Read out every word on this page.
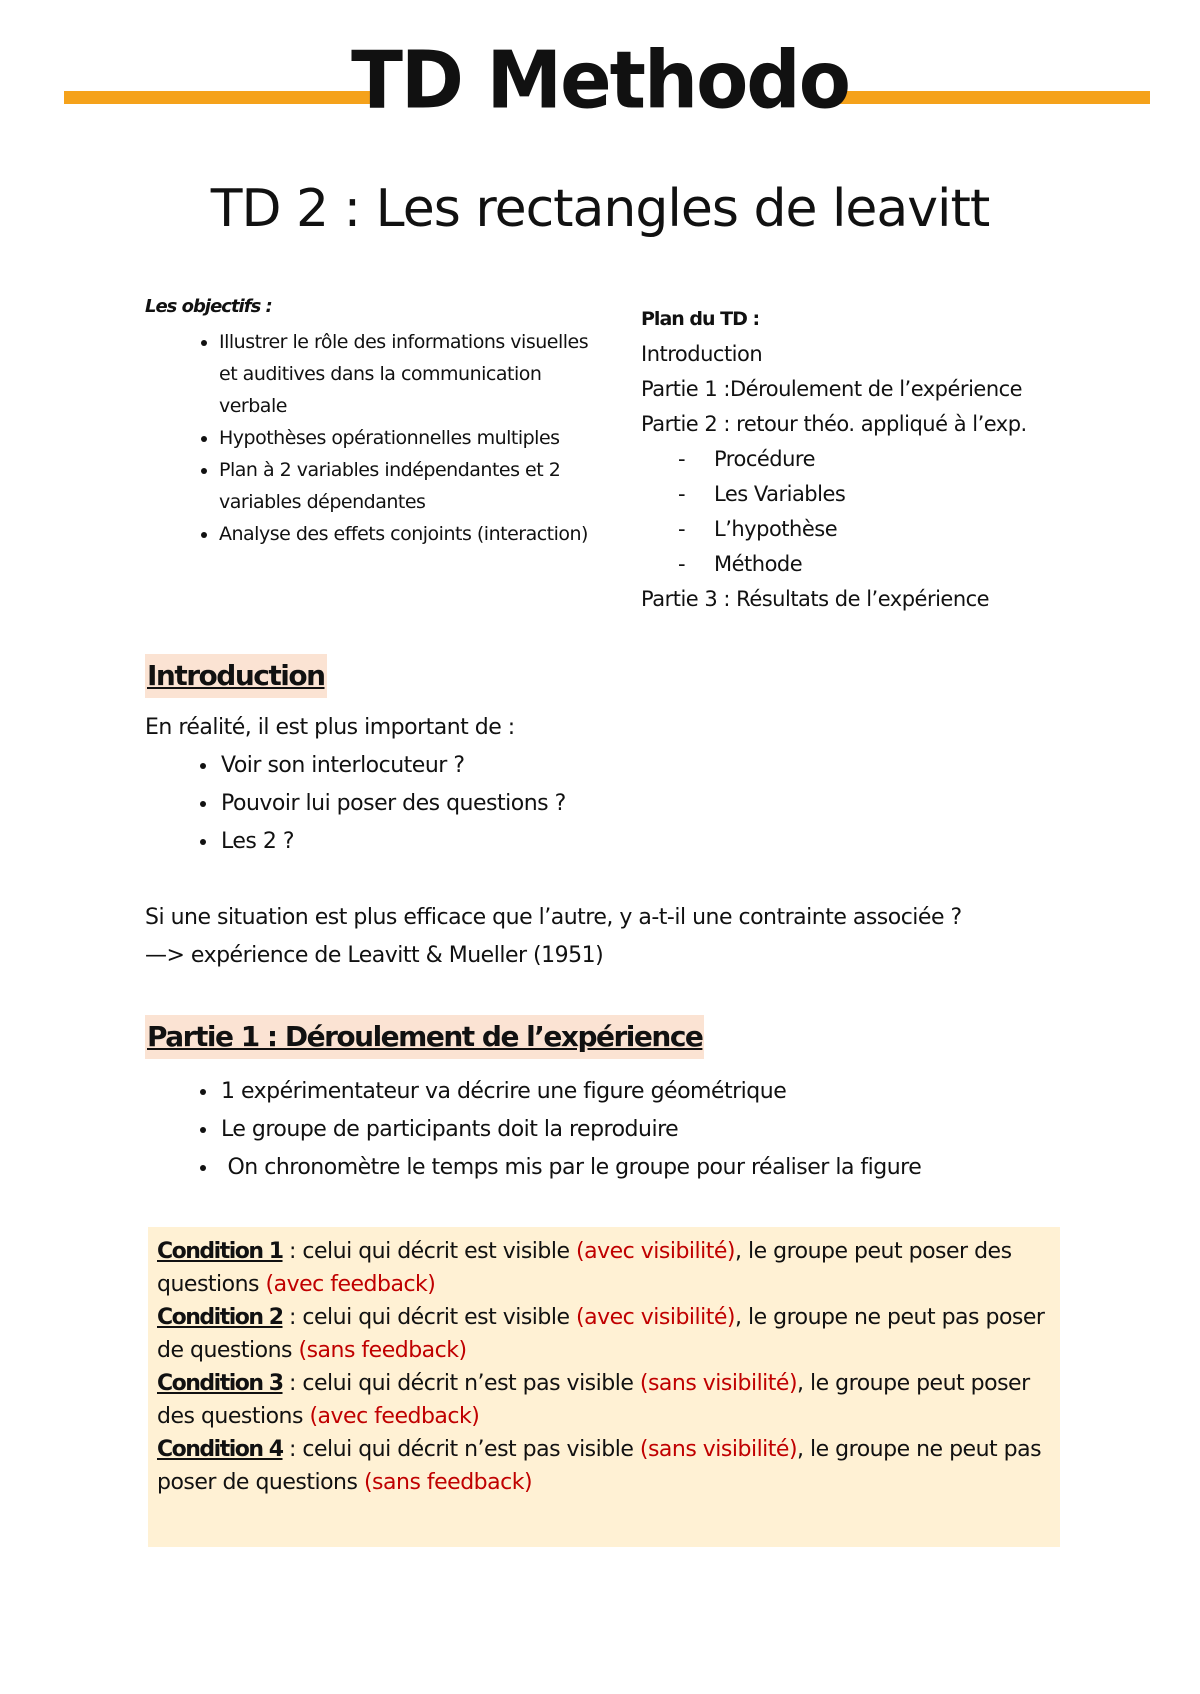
TD Methodo
TD 2 : Les rectangles de leavitt
Les objectifs :
• Illustrer le rôle des informations visuelles et auditives dans la communication verbale
• Hypothèses opérationnelles multiples
• Plan à 2 variables indépendantes et 2 variables dépendantes
• Analyse des effets conjoints (interaction)
Plan du TD :
Introduction
Partie 1 :Déroulement de l’expérience
Partie 2 : retour théo. appliqué à l’exp.
- Procédure
- Les Variables
- L’hypothèse
- Méthode
Partie 3 : Résultats de l’expérience
Introduction
En réalité, il est plus important de :
• Voir son interlocuteur ?
• Pouvoir lui poser des questions ?
• Les 2 ?
Si une situation est plus efficace que l’autre, y a-t-il une contrainte associée ?
—> expérience de Leavitt & Mueller (1951)
Partie 1 : Déroulement de l’expérience
• 1 expérimentateur va décrire une figure géométrique
• Le groupe de participants doit la reproduire
•  On chronomètre le temps mis par le groupe pour réaliser la figure
Condition 1 : celui qui décrit est visible (avec visibilité), le groupe peut poser des questions (avec feedback)
Condition 2 : celui qui décrit est visible (avec visibilité), le groupe ne peut pas poser de questions (sans feedback)
Condition 3 : celui qui décrit n’est pas visible (sans visibilité), le groupe peut poser des questions (avec feedback)
Condition 4 : celui qui décrit n’est pas visible (sans visibilité), le groupe ne peut pas poser de questions (sans feedback)
